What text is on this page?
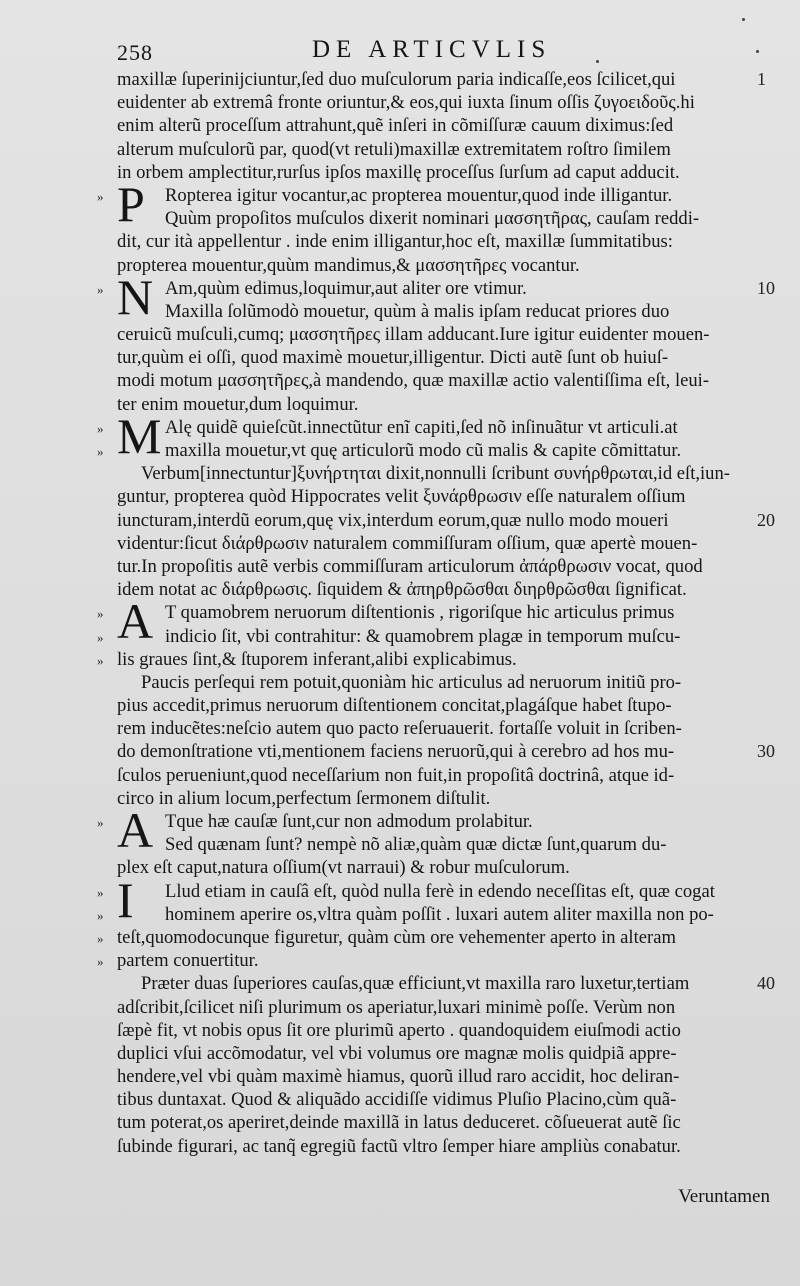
258	DE ARTICVLIS
maxillæ ſuperinijciuntur,ſed duo muſculorum paria indicaſſe,eos ſcilicet,qui	1
euidenter ab extremâ fronte oriuntur,& eos,qui iuxta ſinum oſſis ζυγοειδοῦς.hi
enim alterũ proceſſum attrahunt,quẽ inſeri in cõmiſſuræ cauum diximus:ſed
alterum muſculorũ par, quod(vt retuli)maxillæ extremitatem roſtro ſimilem
in orbem amplectitur,rurſus ipſos maxillę proceſſus ſurſum ad caput adducit.
» P Ropterea igitur vocantur,ac propterea mouentur,quod inde illigantur.
Quùm propoſitos muſculos dixerit nominari μασσητῆρας, cauſam reddi-
dit, cur ità appellentur . inde enim illigantur,hoc eſt, maxillæ ſummitatibus:
propterea mouentur,quùm mandimus,& μασσητῆρες vocantur.
» N Am,quùm edimus,loquimur,aut aliter ore vtimur.	10
Maxilla ſolũmodò mouetur, quùm à malis ipſam reducat priores duo
ceruicũ muſculi,cumq; μασσητῆρες illam adducant.Iure igitur euidenter mouen-
tur,quùm ei oſſi, quod maximè mouetur,illigentur. Dicti autẽ ſunt ob huiuſ-
modi motum μασσητῆρες,à mandendo, quæ maxillæ actio valentiſſima eſt, leui-
ter enim mouetur,dum loquimur.
» M Alę quidẽ quieſcũt.innectũtur enĩ capiti,ſed nõ inſinuãtur vt articuli.at
»	maxilla mouetur,vt quę articulorũ modo cũ malis & capite cõmittatur.
Verbum[innectuntur]ξυνήρτηται dixit,nonnulli ſcribunt συνήρθρωται,id eſt,iun-
guntur, propterea quòd Hippocrates velit ξυνάρθρωσιν eſſe naturalem oſſium
iuncturam,interdũ eorum,quę vix,interdum eorum,quæ nullo modo moueri	20
videntur:ſicut διάρθρωσιν naturalem commiſſuram oſſium, quæ apertè mouen-
tur.In propoſitis autẽ verbis commiſſuram articulorum ἀπάρθρωσιν vocat, quod
idem notat ac διάρθρωσις. ſiquidem & ἀπηρθρῶσθαι διηρθρῶσθαι ſignificat.
» A T quamobrem neruorum diſtentionis , rigoriſque hic articulus primus
»	indicio ſit, vbi contrahitur: & quamobrem plagæ in temporum muſcu-
» lis graues ſint,& ſtuporem inferant,alibi explicabimus.
Paucis perſequi rem potuit,quoniàm hic articulus ad neruorum initiũ pro-
pius accedit,primus neruorum diſtentionem concitat,plagáſque habet ſtupo-
rem inducẽtes:neſcio autem quo pacto reſeruauerit. fortaſſe voluit in ſcriben-
do demonſtratione vti,mentionem faciens neruorũ,qui à cerebro ad hos mu-	30
ſculos perueniunt,quod neceſſarium non fuit,in propoſitâ doctrinâ, atque id-
circo in alium locum,perfectum ſermonem diſtulit.
» A Tque hæ cauſæ ſunt,cur non admodum prolabitur.
Sed quænam ſunt? nempè nõ aliæ,quàm quæ dictæ ſunt,quarum du-
plex eſt caput,natura oſſium(vt narraui) & robur muſculorum.
» I Llud etiam in cauſâ eſt, quòd nulla ferè in edendo neceſſitas eſt, quæ cogat
»	hominem aperire os,vltra quàm poſſit . luxari autem aliter maxilla non po-
» teſt,quomodocunque figuretur, quàm cùm ore vehementer aperto in alteram
» partem conuertitur.
Præter duas ſuperiores cauſas,quæ efficiunt,vt maxilla raro luxetur,tertiam	40
adſcribit,ſcilicet niſi plurimum os aperiatur,luxari minimè poſſe. Verùm non
ſæpè fit, vt nobis opus ſit ore plurimũ aperto . quandoquidem eiuſmodi actio
duplici vſui accõmodatur, vel vbi volumus ore magnæ molis quidpiã appre-
hendere,vel vbi quàm maximè hiamus, quorũ illud raro accidit, hoc deliran-
tibus duntaxat. Quod & aliquãdo accidiſſe vidimus Pluſio Placino,cùm quã-
tum poterat,os aperiret,deinde maxillã in latus deduceret. cõſueuerat autẽ ſic
ſubinde figurari, ac tanq̃ egregiũ factũ vltro ſemper hiare ampliùs conabatur.
Veruntamen
